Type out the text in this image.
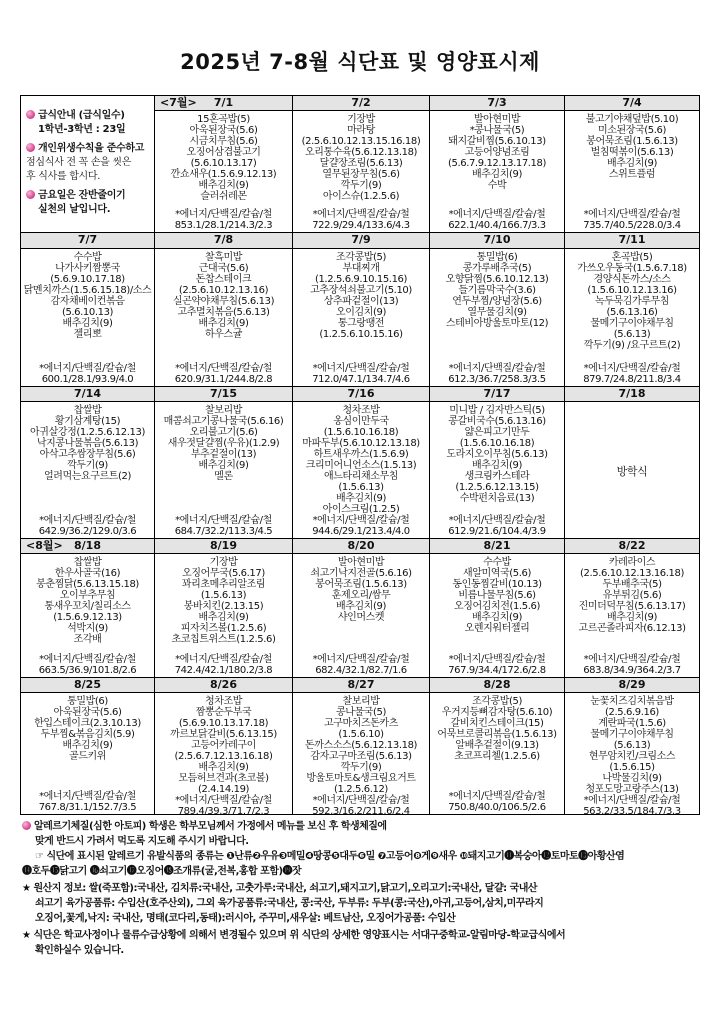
2025년 7-8월 식단표 및 영양표시제
급식안내 (급식일수)
1학년-3학년 : 23일
개인위생수칙을 준수하고
점심식사 전 꼭 손을 씻은
후 식사를 합시다.
금요일은 잔반줄이기
실천의 날입니다.
<7월> 7/1
15혼곡밥(5)
아욱된장국(5.6)
시금치무침(5.6)
오징어삼겹불고기
(5.6.10.13.17)
깐쇼새우(1.5.6.9.12.13)
배추김치(9)
슬러쉬레몬
*에너지/단백질/칼슘/철
853.1/28.1/214.3/2.3
7/2
기장밥
마라탕
(2.5.6.10.12.13.15.16.18)
오리통수육(5.6.12.13.18)
달걀장조림(5.6.13)
열무된장무침(5.6)
깍두기(9)
아이스슈(1.2.5.6)
*에너지/단백질/칼슘/철
722.9/29.4/133.6/4.3
7/3
발아현미밥
*콩나물국(5)
돼지갈비찜(5.6.10.13)
고등어양념조림
(5.6.7.9.12.13.17.18)
배추김치(9)
수박
*에너지/단백질/칼슘/철
622.1/40.4/166.7/3.3
7/4
불고기야채덮밥(5.10)
미소된장국(5.6)
봉어묵조림(1.5.6.13)
벌침떡볶이(5.6.13)
배추김치(9)
스위트플럼
*에너지/단백질/칼슘/철
735.7/40.5/228.0/3.4
7/7
수수밥
나가사키짬뽕국
(5.6.9.10.17.18)
닭멘치까스(1.5.6.15.18)/소스
감자채베이컨볶음
(5.6.10.13)
배추김치(9)
젤리뽀
*에너지/단백질/칼슘/철
600.1/28.1/93.9/4.0
7/8
찰흑미밥
근대국(5.6)
돈찹스테이크
(2.5.6.10.12.13.16)
실곤약야채무침(5.6.13)
고추멸치볶음(5.6.13)
배추김치(9)
하우스귤
*에너지/단백질/칼슘/철
620.9/31.1/244.8/2.8
7/9
조각콩밥(5)
부대찌개
(1.2.5.6.9.10.15.16)
고추장석쇠불고기(5.10)
상추파겉절이(13)
오이김치(9)
통그랑땡전
(1.2.5.6.10.15.16)
*에너지/단백질/칼슘/철
712.0/47.1/134.7/4.6
7/10
통밀밥(6)
콩가루배추국(5)
오향닭찜(5.6.10.12.13)
들기름막국수(3.6)
연두부찜/양념장(5.6)
열무물김치(9)
스테비아방울토마토(12)
*에너지/단백질/칼슘/철
612.3/36.7/258.3/3.5
7/11
혼곡밥(5)
가쓰오우동국(1.5.6.7.18)
경양식돈까스/소스
(1.5.6.10.12.13.16)
녹두묵김가루무침
(5.6.13.16)
물메기구이야채무침
(5.6.13)
깍두기(9) /요구르트(2)
*에너지/단백질/칼슘/철
879.7/24.8/211.8/3.4
7/14
찹쌀밥
황기삼계탕(15)
아귀살강정(1.2.5.6.12.13)
낙지콩나물볶음(5.6.13)
아삭고추쌈장무침(5.6)
깍두기(9)
얼려먹는요구르트(2)
*에너지/단백질/칼슘/철
642.9/36.2/129.0/3.6
7/15
찰보리밥
매콤쇠고기콩나물국(5.6.16)
오리불고기(5.6)
새우젓달걀찜(우유)(1.2.9)
부추겉절이(13)
배추김치(9)
멜론
*에너지/단백질/칼슘/철
684.7/32.2/113.3/4.5
7/16
청차조밥
옹심이만두국
(1.5.6.10.16.18)
마파두부(5.6.10.12.13.18)
하트새우까스(1.5.6.9)
크리미어니언소스(1.5.13)
애느타리채소무침
(1.5.6.13)
배추김치(9)
아이스크림(1.2.5)
*에너지/단백질/칼슘/철
944.6/29.1/213.4/4.0
7/17
미니밥 / 김자반스틱(5)
콩갈비국수(5.6.13.16)
얇은피고기만두
(1.5.6.10.16.18)
도라지오이무침(5.6.13)
배추김치(9)
생크림카스테라
(1.2.5.6.12.13.15)
수박펀치음료(13)
*에너지/단백질/칼슘/철
612.9/21.6/104.4/3.9
7/18
방학식
<8월> 8/18
찹쌀밥
한우사골국(16)
봉춘찜닭(5.6.13.15.18)
오이부추무침
통새우꼬치/칠리소스
(1.5.6.9.12.13)
석박지(9)
조각배
*에너지/단백질/칼슘/철
663.5/36.9/101.8/2.6
8/19
기장밥
오징어무국(5.6.17)
꽈리초메추리알조림
(1.5.6.13)
봉바치킨(2.13.15)
배추김치(9)
피자치즈볼(1.2.5.6)
초코칩트위스트(1.2.5.6)
*에너지/단백질/칼슘/철
742.4/42.1/180.2/3.8
8/20
발아현미밥
쇠고기낙지전골(5.6.16)
봉어묵조림(1.5.6.13)
훈제오리/쌈무
배추김치(9)
샤인머스켓
*에너지/단백질/칼슘/철
682.4/32.1/82.7/1.6
8/21
수수밥
새알미역국(5.6)
동인동찜갈비(10.13)
비름나물무침(5.6)
오징어김치전(1.5.6)
배추김치(9)
오렌지워터젤리
*에너지/단백질/칼슘/철
767.9/34.4/172.6/2.8
8/22
카레라이스
(2.5.6.10.12.13.16.18)
두부배추국(5)
유부튀김(5.6)
진미더덕무침(5.6.13.17)
배추김치(9)
고르곤졸라피자(6.12.13)
*에너지/단백질/칼슘/철
683.8/34.9/364.2/3.7
8/25
통밀밥(6)
아욱된장국(5.6)
한입스테이크(2.3.10.13)
두부찜&볶음김치(5.9)
배추김치(9)
골드키위
*에너지/단백질/칼슘/철
767.8/31.1/152.7/3.5
8/26
청차조밥
짬뽕순두부국
(5.6.9.10.13.17.18)
까르보닭갈비(5.6.13.15)
고등어카레구이
(2.5.6.7.12.13.16.18)
배추김치(9)
모듬허브견과(초코볼)
(2.4.14.19)
*에너지/단백질/칼슘/철
789.4/39.3/71.7/2.3
8/27
찰보리밥
콩나물국(5)
고구마치즈돈카츠
(1.5.6.10)
돈까스소스(5.6.12.13.18)
감자고구마조림(5.6.13)
깍두기(9)
방울토마토&생크림요거트
(1.2.5.6.12)
*에너지/단백질/칼슘/철
592.3/16.2/211.6/2.4
8/28
조각콩밥(5)
우거지등뼈감자탕(5.6.10)
갈비치킨스테이크(15)
어묵브로콜리볶음(1.5.6.13)
알배추겉절이(9.13)
초코프리첼(1.2.5.6)
*에너지/단백질/칼슘/철
750.8/40.0/106.5/2.6
8/29
눈꽃치즈김치볶음밥
(2.5.6.9.16)
계란파국(1.5.6)
물메기구이야채무침
(5.6.13)
현무암치킨/크림소스
(1.5.6.15)
나박물김치(9)
청포도망고랑주스(13)
*에너지/단백질/칼슘/철
563.2/33.5/184.7/3.3
알레르기체질(심한 아토피) 학생은 학부모님께서 가정에서 메뉴를 보신 후 학생체질에
맞게 반드시 가려서 먹도록 지도해 주시기 바랍니다.
☞ 식단에 표시된 알레르기 유발식품의 종류는 ❶난류❷우유❸메밀❹땅콩❺대두❻밀 ❼고등어❽게❾새우 ❿돼지고기⓫복숭아⓬토마토⓭아황산염
⓮호두⓯닭고기 ⓰쇠고기⓱오징어⓲조개류(굴,전복,홍합 포함)⓳잣
★ 원산지 정보: 쌀(죽포함):국내산, 김치류:국내산, 고춧가루:국내산, 쇠고기,돼지고기,닭고기,오리고기:국내산, 달걀: 국내산
쇠고기 육가공품류: 수입산(호주산외), 그외 육가공품류:국내산, 콩:국산, 두부류: 두부(콩:국산),아귀,고등어,삼치,미꾸라지
오징어,꽃게,낙지: 국내산, 명태(코다리,동태):러시아, 주꾸미,새우살: 베트남산, 오징어가공품: 수입산
★ 식단은 학교사정이나 물류수급상황에 의해서 변경될수 있으며 위 식단의 상세한 영양표시는 서대구중학교-알림마당-학교급식에서
확인하실수 있습니다.
